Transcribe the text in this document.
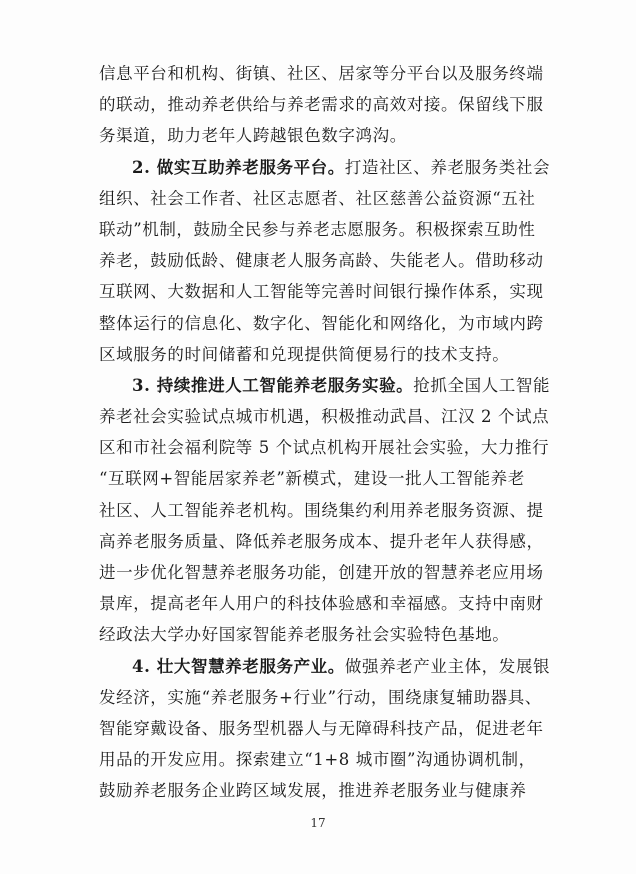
信息平台和机构、街镇、社区、居家等分平台以及服务终端
的联动，推动养老供给与养老需求的高效对接。保留线下服
务渠道，助力老年人跨越银色数字鸿沟。
2. 做实互助养老服务平台。打造社区、养老服务类社会
组织、社会工作者、社区志愿者、社区慈善公益资源“五社
联动”机制，鼓励全民参与养老志愿服务。积极探索互助性
养老，鼓励低龄、健康老人服务高龄、失能老人。借助移动
互联网、大数据和人工智能等完善时间银行操作体系，实现
整体运行的信息化、数字化、智能化和网络化，为市域内跨
区域服务的时间储蓄和兑现提供简便易行的技术支持。
3. 持续推进人工智能养老服务实验。抢抓全国人工智能
养老社会实验试点城市机遇，积极推动武昌、江汉 2 个试点
区和市社会福利院等 5 个试点机构开展社会实验，大力推行
“互联网+智能居家养老”新模式，建设一批人工智能养老
社区、人工智能养老机构。围绕集约利用养老服务资源、提
高养老服务质量、降低养老服务成本、提升老年人获得感，
进一步优化智慧养老服务功能，创建开放的智慧养老应用场
景库，提高老年人用户的科技体验感和幸福感。支持中南财
经政法大学办好国家智能养老服务社会实验特色基地。
4. 壮大智慧养老服务产业。做强养老产业主体，发展银
发经济，实施“养老服务+行业”行动，围绕康复辅助器具、
智能穿戴设备、服务型机器人与无障碍科技产品，促进老年
用品的开发应用。探索建立“1+8 城市圈”沟通协调机制，
鼓励养老服务企业跨区域发展，推进养老服务业与健康养
17
